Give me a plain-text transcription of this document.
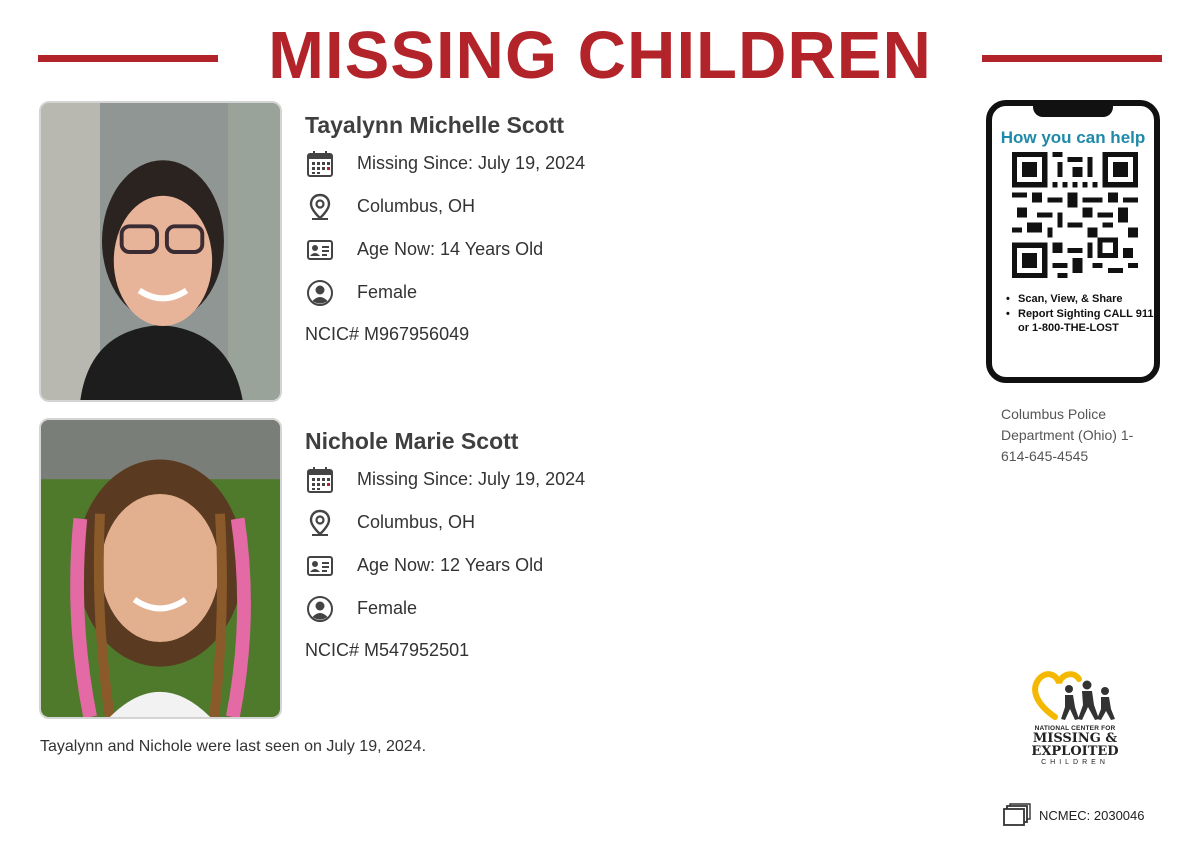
MISSING CHILDREN
Tayalynn Michelle Scott
Missing Since: July 19, 2024
Columbus, OH
Age Now: 14 Years Old
Female
NCIC# M967956049
Nichole Marie Scott
Missing Since: July 19, 2024
Columbus, OH
Age Now: 12 Years Old
Female
NCIC# M547952501
How you can help
• Scan, View, & Share
• Report Sighting CALL 911 or 1-800-THE-LOST
Columbus Police Department (Ohio) 1-614-645-4545
NATIONAL CENTER FOR
MISSING &
EXPLOITED
CHILDREN
Tayalynn and Nichole were last seen on July 19, 2024.
NCMEC: 2030046
